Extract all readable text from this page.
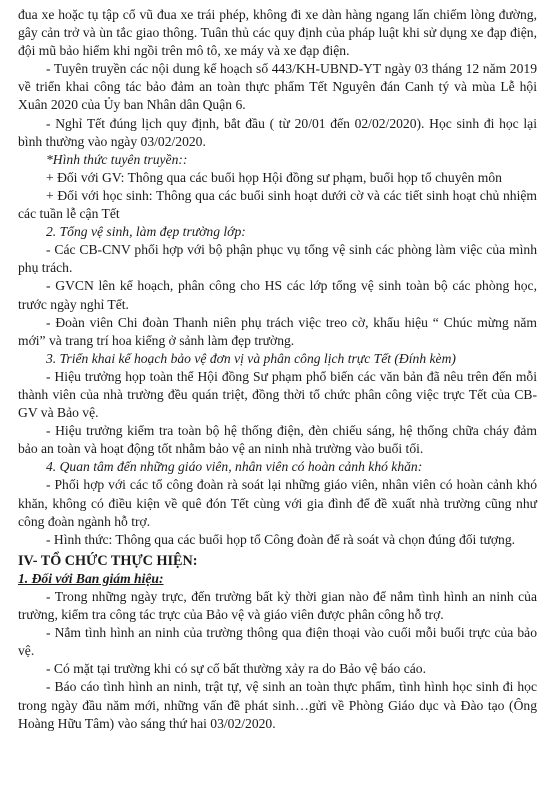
đua xe hoặc tụ tập cổ vũ đua xe trái phép, không đi xe dàn hàng ngang lấn chiếm lòng đường, gây cản trở và ùn tắc giao thông. Tuân thủ các quy định của pháp luật khi sử dụng xe đạp điện, đội mũ bảo hiểm khi ngồi trên mô tô, xe máy và xe đạp điện.

- Tuyên truyền các nội dung kế hoạch số 443/KH-UBND-YT ngày 03 tháng 12 năm 2019 về triển khai công tác bảo đảm an toàn thực phẩm Tết Nguyên đán Canh tý và mùa Lễ hội Xuân 2020 của Ủy ban Nhân dân Quận 6.

- Nghỉ Tết đúng lịch quy định, bắt đầu ( từ 20/01 đến 02/02/2020). Học sinh đi học lại bình thường vào ngày 03/02/2020.

*Hình thức tuyên truyền::

+ Đối với GV: Thông qua các buổi họp Hội đồng sư phạm, buổi họp tổ chuyên môn

+ Đối với học sinh: Thông qua các buổi sinh hoạt dưới cờ và các tiết sinh hoạt chủ nhiệm các tuần lễ cận Tết

2. Tổng vệ sinh, làm đẹp trường lớp:

- Các CB-CNV phối hợp với bộ phận phục vụ tổng vệ sinh các phòng làm việc của mình phụ trách.

- GVCN lên kế hoạch, phân công cho HS các lớp tổng vệ sinh toàn bộ các phòng học, trước ngày nghỉ Tết.

- Đoàn viên Chi đoàn Thanh niên phụ trách việc treo cờ, khẩu hiệu “ Chúc mừng năm mới” và trang trí hoa kiểng ở sảnh làm đẹp trường.

3. Triển khai kế hoạch bảo vệ đơn vị và phân công lịch trực Tết (Đính kèm)

- Hiệu trưởng họp toàn thể Hội đồng Sư phạm phổ biến các văn bản đã nêu trên đến mỗi thành viên của nhà trường đều quán triệt, đồng thời tổ chức phân công việc trực Tết của CB-GV và Bảo vệ.

- Hiệu trưởng kiểm tra toàn bộ hệ thống điện, đèn chiếu sáng, hệ thống chữa cháy đảm bảo an toàn và hoạt động tốt nhằm bảo vệ an ninh nhà trường vào buổi tối.

4. Quan tâm đến những giáo viên, nhân viên có hoàn cảnh khó khăn:

- Phối hợp với các tổ công đoàn rà soát lại những giáo viên, nhân viên có hoàn cảnh khó khăn, không có điều kiện về quê đón Tết cùng với gia đình để đề xuất nhà trường cũng như công đoàn ngành hỗ trợ.

- Hình thức: Thông qua các buổi họp tổ Công đoàn để rà soát và chọn đúng đối tượng.

IV- TỔ CHỨC THỰC HIỆN:

1. Đối với Ban giám hiệu:

- Trong những ngày trực, đến trường bất kỳ thời gian nào để nắm tình hình an ninh của trường, kiểm tra công tác trực của Bảo vệ và giáo viên được phân công hỗ trợ.

- Nắm tình hình an ninh của trường thông qua điện thoại vào cuối mỗi buổi trực của bảo vệ.

- Có mặt tại trường khi có sự cố bất thường xảy ra do Bảo vệ báo cáo.

- Báo cáo tình hình an ninh, trật tự, vệ sinh an toàn thực phẩm, tình hình học sinh đi học trong ngày đầu năm mới, những vấn đề phát sinh…gửi về Phòng Giáo dục và Đào tạo (Ông Hoàng Hữu Tâm) vào sáng thứ hai 03/02/2020.
